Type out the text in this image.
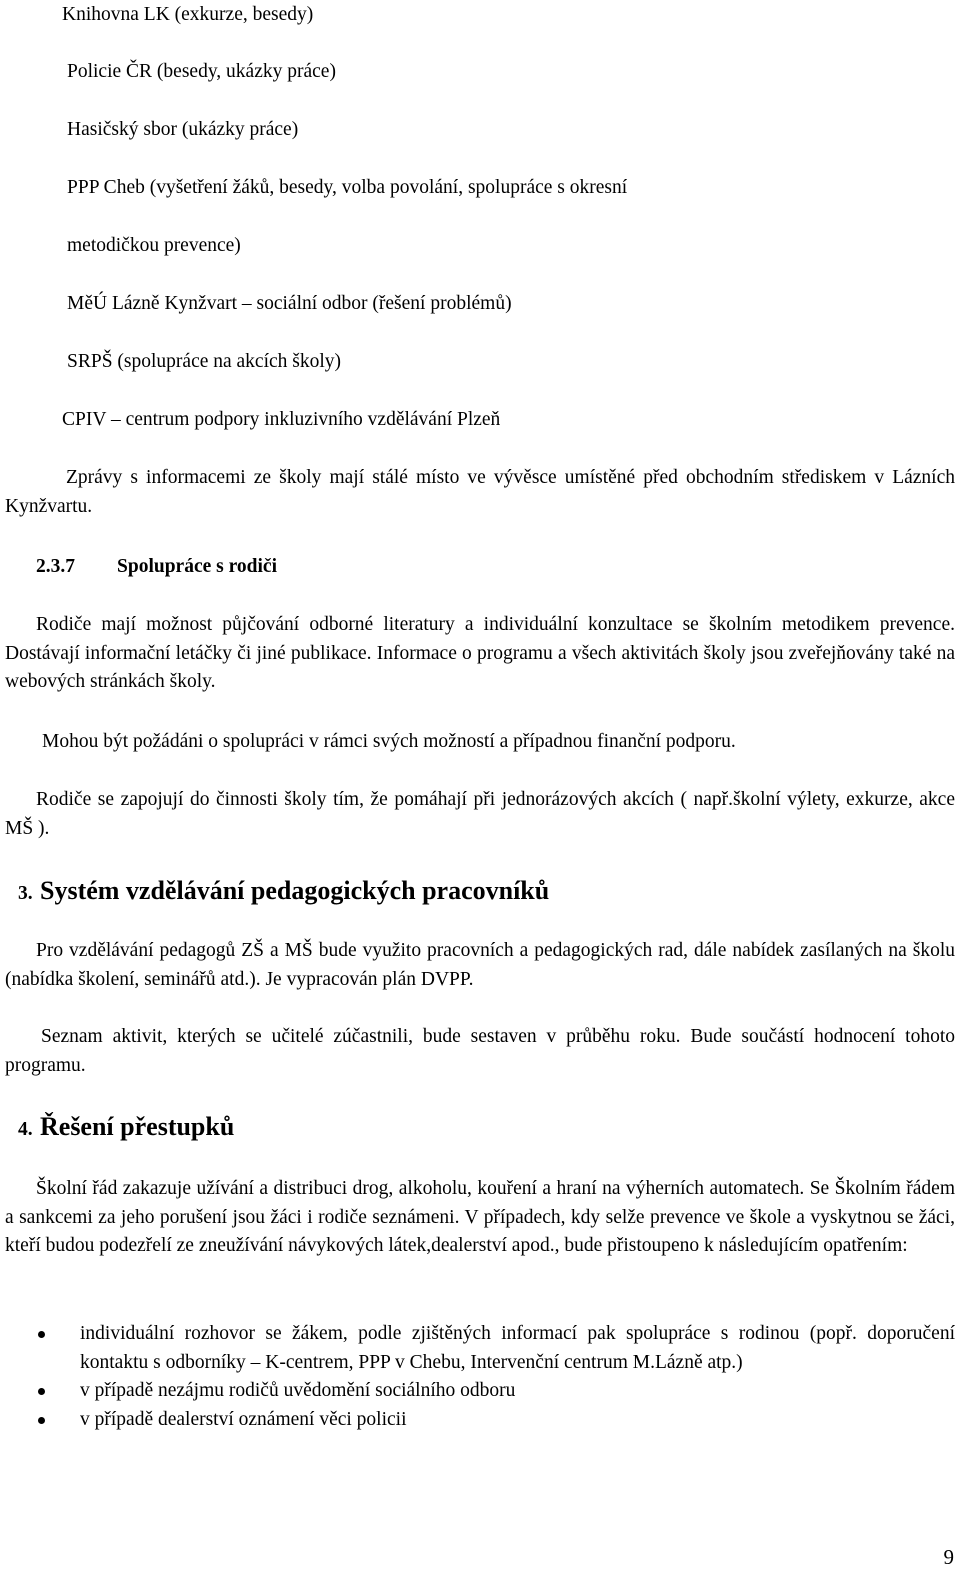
Knihovna LK (exkurze, besedy)
Policie ČR (besedy, ukázky práce)
Hasičský sbor (ukázky práce)
PPP Cheb (vyšetření žáků, besedy, volba povolání, spolupráce s okresní
metodičkou prevence)
MěÚ Lázně Kynžvart – sociální odbor (řešení problémů)
SRPŠ (spolupráce na akcích školy)
CPIV – centrum podpory inkluzivního vzdělávání Plzeň
Zprávy s informacemi ze školy mají stálé místo ve vývěsce umístěné před obchodním střediskem v Lázních Kynžvartu.
2.3.7 Spolupráce s rodiči
Rodiče mají možnost půjčování odborné literatury a individuální konzultace se školním metodikem prevence. Dostávají informační letáčky či jiné publikace. Informace o programu a všech aktivitách školy jsou zveřejňovány také na webových stránkách školy.
Mohou být požádáni o spolupráci v rámci svých možností a případnou finanční podporu.
Rodiče se zapojují do činnosti školy tím, že pomáhají při jednorázových akcích ( např.školní výlety, exkurze, akce MŠ ).
3. Systém vzdělávání pedagogických pracovníků
Pro vzdělávání pedagogů ZŠ a MŠ bude využito pracovních a pedagogických rad, dále nabídek zasílaných na školu (nabídka školení, seminářů atd.). Je vypracován plán DVPP.
Seznam aktivit, kterých se učitelé zúčastnili, bude sestaven v průběhu roku. Bude součástí hodnocení tohoto programu.
4. Řešení přestupků
Školní řád zakazuje užívání a distribuci drog, alkoholu, kouření a hraní na výherních automatech. Se Školním řádem a sankcemi za jeho porušení jsou žáci i rodiče seznámeni. V případech, kdy selže prevence ve škole a vyskytnou se žáci, kteří budou podezřelí ze zneužívání návykových látek,dealerství apod., bude přistoupeno k následujícím opatřením:
individuální rozhovor se žákem, podle zjištěných informací pak spolupráce s rodinou (popř. doporučení kontaktu s odborníky – K-centrem, PPP v Chebu, Intervenční centrum M.Lázně atp.)
v případě nezájmu rodičů uvědomění sociálního odboru
v případě dealerství oznámení věci policii
9
